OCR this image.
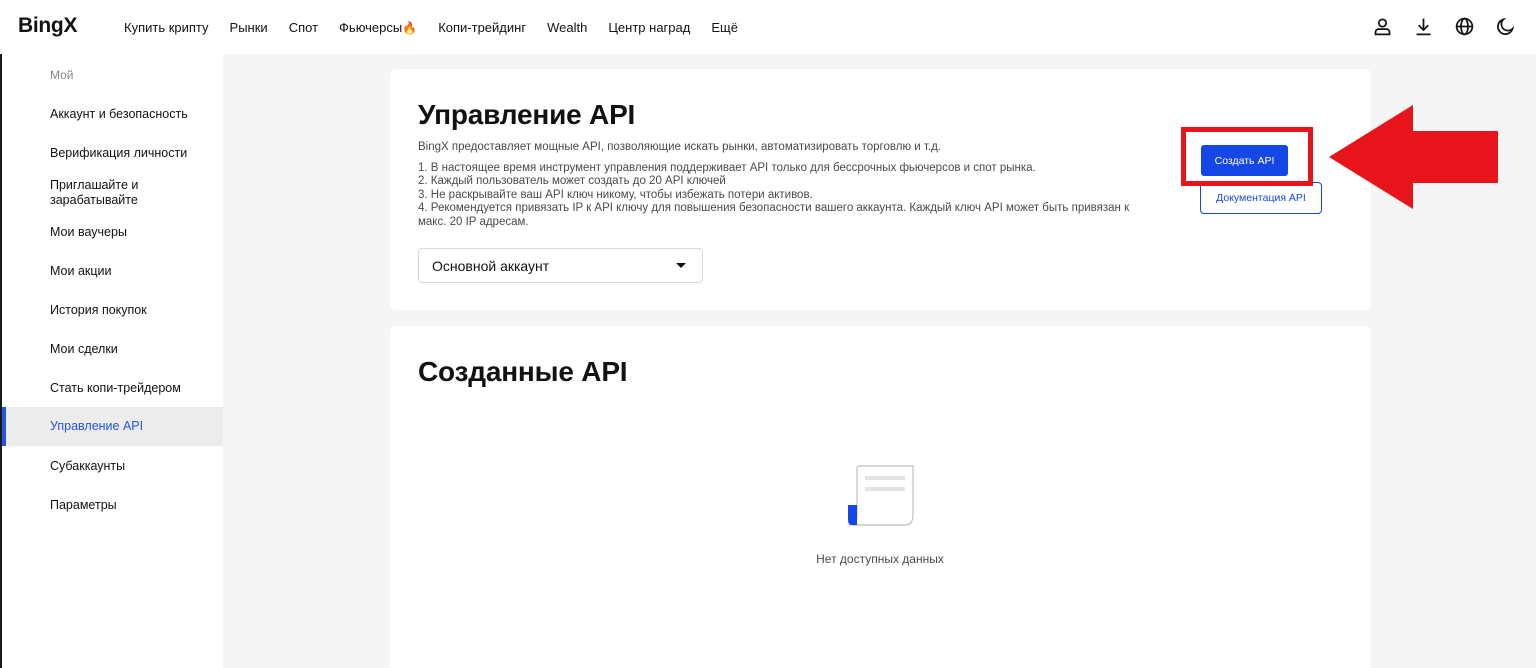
BingX	Купить крипту Рынки Спот Фьючерсы🔥 Копи-трейдинг Wealth Центр наград Ещё
Мой
Аккаунт и безопасность
Верификация личности
Приглашайте и зарабатывайте
Мои ваучеры
Мои акции
История покупок
Мои сделки
Стать копи-трейдером
Управление API
Субаккаунты
Параметры
Управление API

BingX предоставляет мощные API, позволяющие искать рынки, автоматизировать торговлю и т.д.

1. В настоящее время инструмент управления поддерживает API только для бессрочных фьючерсов и спот рынка.

2. Каждый пользователь может создать до 20 API ключей

3. Не раскрывайте ваш API ключ никому, чтобы избежать потери активов.

4. Рекомендуется привязать IP к API ключу для повышения безопасности вашего аккаунта. Каждый ключ API может быть привязан к макс. 20 IP адресам.

Основной аккаунт
Создать API
Документация API
Созданные API
Нет доступных данных
